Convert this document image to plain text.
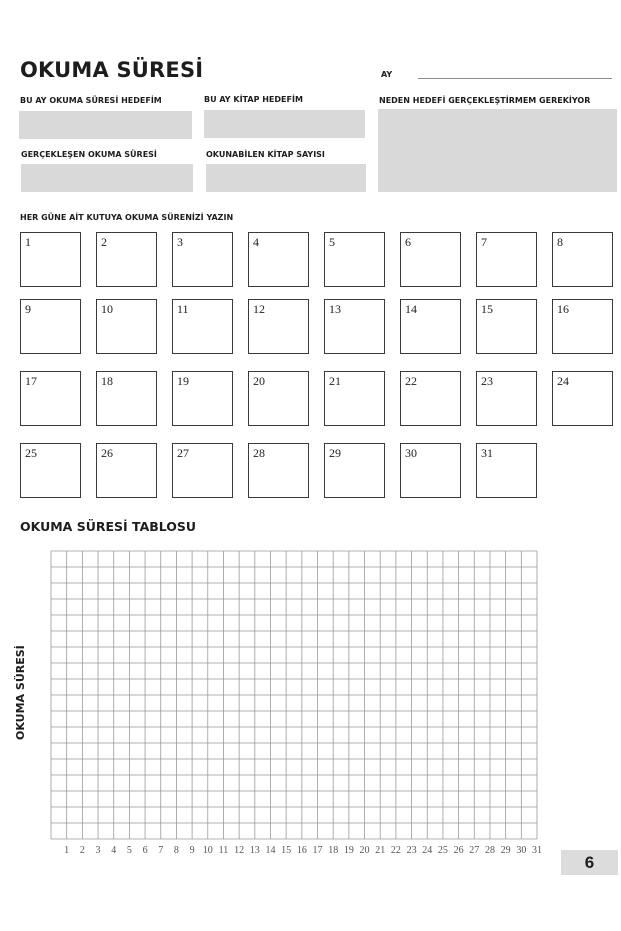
OKUMA SÜRESİ	AY
BU AY OKUMA SÜRESİ HEDEFİM	BU AY KİTAP HEDEFİM	NEDEN HEDEFİ GERÇEKLEŞTİRMEM GEREKİYOR
GERÇEKLEŞEN OKUMA SÜRESİ	OKUNABİLEN KİTAP SAYISI
HER GÜNE AİT KUTUYA OKUMA SÜRENİZİ YAZIN
1	2	3	4	5	6	7	8
9	10	11	12	13	14	15	16
17	18	19	20	21	22	23	24
25	26	27	28	29	30	31
OKUMA SÜRESİ TABLOSU
OKUMA SÜRESİ
1 2 3 4 5 6 7 8 9 10 11 12 13 14 15 16 17 18 19 20 21 22 23 24 25 26 27 28 29 30 31
6
